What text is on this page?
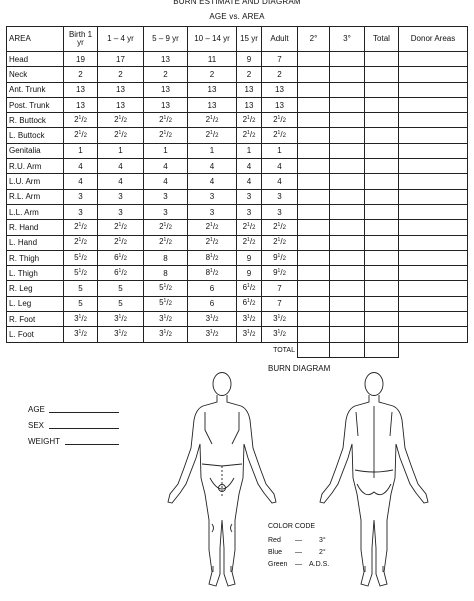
BURN ESTIMATE AND DIAGRAM
AGE vs. AREA
AREA	Birth 1 yr	1 – 4 yr	5 – 9 yr	10 – 14 yr	15 yr	Adult	2°	3°	Total	Donor Areas
Head	19	17	13	11	9	7				
Neck	2	2	2	2	2	2				
Ant. Trunk	13	13	13	13	13	13				
Post. Trunk	13	13	13	13	13	13				
R. Buttock	$2^1/2$	$2^1/2$	$2^1/2$	$2^1/2$	$2^1/2$	$2^1/2$				
L. Buttock	$2^1/2$	$2^1/2$	$2^1/2$	$2^1/2$	$2^1/2$	$2^1/2$				
Genitalia	1	1	1	1	1	1				
R.U. Arm	4	4	4	4	4	4				
L.U. Arm	4	4	4	4	4	4				
R.L. Arm	3	3	3	3	3	3				
L.L. Arm	3	3	3	3	3	3				
R. Hand	$2^1/2$	$2^1/2$	$2^1/2$	$2^1/2$	$2^1/2$	$2^1/2$				
L. Hand	$2^1/2$	$2^1/2$	$2^1/2$	$2^1/2$	$2^1/2$	$2^1/2$				
R. Thigh	$5^1/2$	$6^1/2$	8	$8^1/2$	9	$9^1/2$				
L. Thigh	$5^1/2$	$6^1/2$	8	$8^1/2$	9	$9^1/2$				
R. Leg	5	5	$5^1/2$	6	$6^1/2$	7				
L. Leg	5	5	$5^1/2$	6	$6^1/2$	7				
R. Foot	$3^1/2$	$3^1/2$	$3^1/2$	$3^1/2$	$3^1/2$	$3^1/2$				
L. Foot	$3^1/2$	$3^1/2$	$3^1/2$	$3^1/2$	$3^1/2$	$3^1/2$				
					TOTAL					
BURN DIAGRAM
AGE
SEX
WEIGHT
COLOR CODE
Red — 3°
Blue — 2°
Green — A.D.S.
